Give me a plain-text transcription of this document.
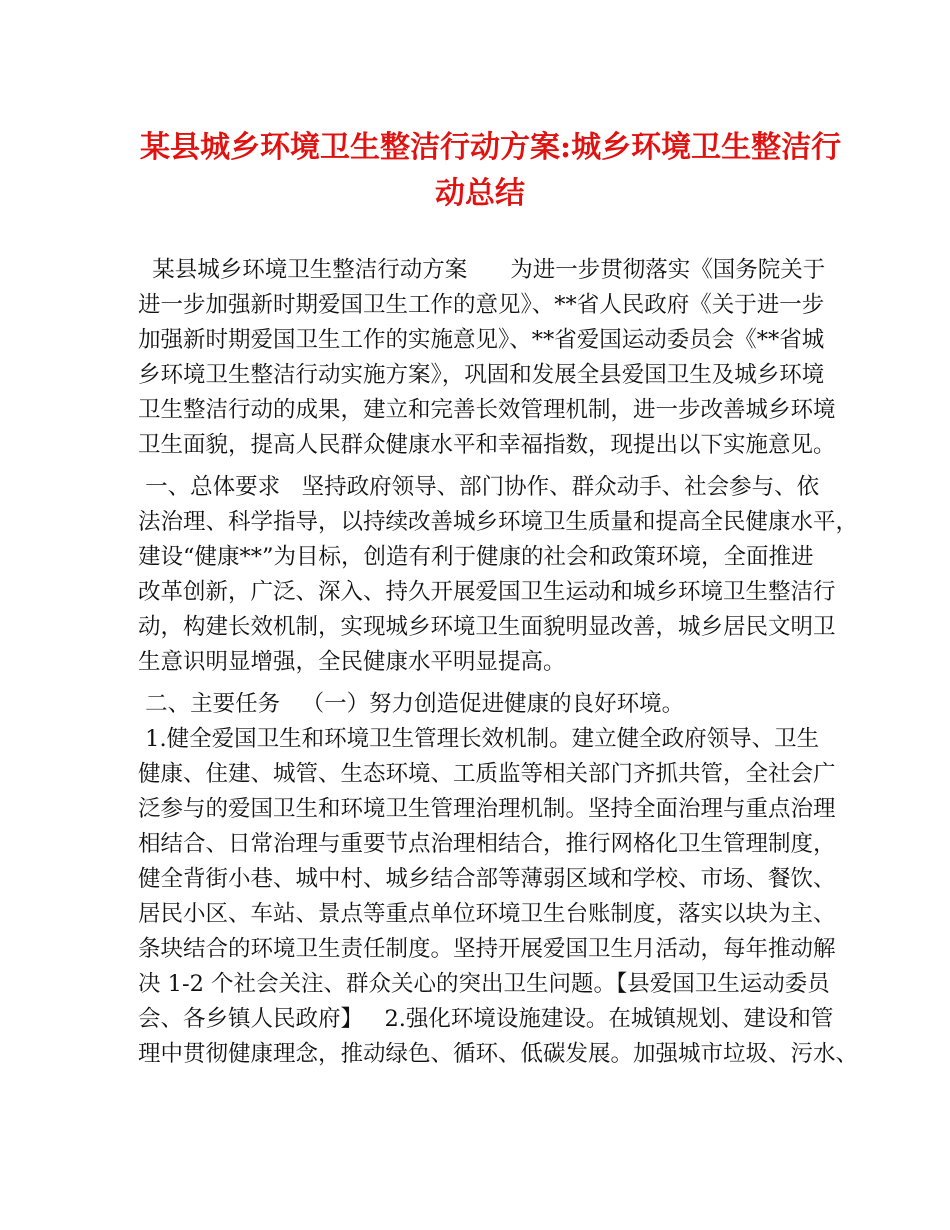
某县城乡环境卫生整洁行动方案:城乡环境卫生整洁行
动总结
某县城乡环境卫生整洁行动方案      为进一步贯彻落实《国务院关于
进一步加强新时期爱国卫生工作的意见》、**省人民政府《关于进一步
加强新时期爱国卫生工作的实施意见》、**省爱国运动委员会《**省城
乡环境卫生整洁行动实施方案》，巩固和发展全县爱国卫生及城乡环境
卫生整洁行动的成果，建立和完善长效管理机制，进一步改善城乡环境
卫生面貌，提高人民群众健康水平和幸福指数，现提出以下实施意见。
一、总体要求   坚持政府领导、部门协作、群众动手、社会参与、依
法治理、科学指导，以持续改善城乡环境卫生质量和提高全民健康水平，
建设“健康**”为目标，创造有利于健康的社会和政策环境，全面推进
改革创新，广泛、深入、持久开展爱国卫生运动和城乡环境卫生整洁行
动，构建长效机制，实现城乡环境卫生面貌明显改善，城乡居民文明卫
生意识明显增强，全民健康水平明显提高。
二、主要任务   （一）努力创造促进健康的良好环境。
1.健全爱国卫生和环境卫生管理长效机制。建立健全政府领导、卫生
健康、住建、城管、生态环境、工质监等相关部门齐抓共管，全社会广
泛参与的爱国卫生和环境卫生管理治理机制。坚持全面治理与重点治理
相结合、日常治理与重要节点治理相结合，推行网格化卫生管理制度，
健全背街小巷、城中村、城乡结合部等薄弱区域和学校、市场、餐饮、
居民小区、车站、景点等重点单位环境卫生台账制度，落实以块为主、
条块结合的环境卫生责任制度。坚持开展爱国卫生月活动，每年推动解
决 1-2 个社会关注、群众关心的突出卫生问题。【县爱国卫生运动委员
会、各乡镇人民政府】   2.强化环境设施建设。在城镇规划、建设和管
理中贯彻健康理念，推动绿色、循环、低碳发展。加强城市垃圾、污水、
